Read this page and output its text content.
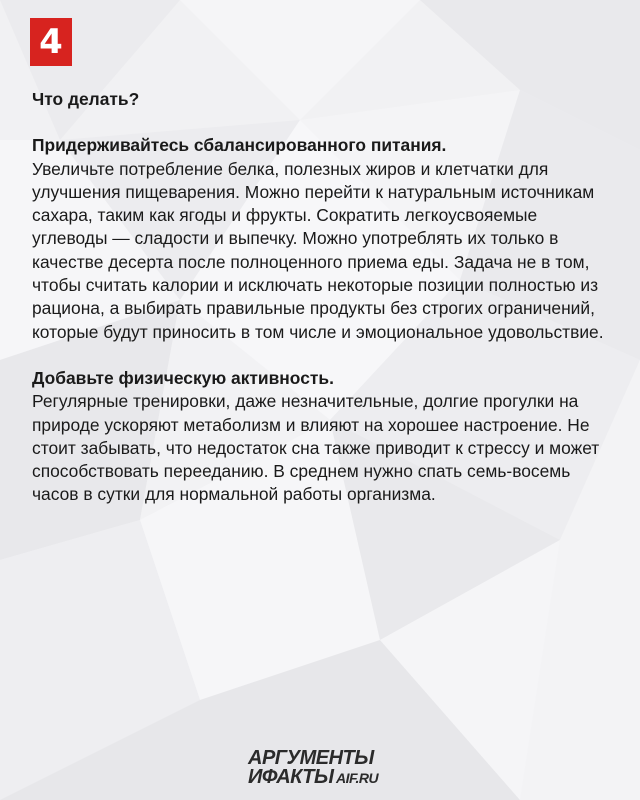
4

Что делать?

Придерживайтесь сбалансированного питания.

Увеличьте потребление белка, полезных жиров и клетчатки для улучшения пищеварения. Можно перейти к натуральным источникам сахара, таким как ягоды и фрукты. Сократить легкоусвояемые углеводы — сладости и выпечку. Можно употреблять их только в качестве десерта после полноценного приема еды. Задача не в том, чтобы считать калории и исключать некоторые позиции полностью из рациона, а выбирать правильные продукты без строгих ограничений, которые будут приносить в том числе и эмоциональное удовольствие.

Добавьте физическую активность.

Регулярные тренировки, даже незначительные, долгие прогулки на природе ускоряют метаболизм и влияют на хорошее настроение. Не стоит забывать, что недостаток сна также приводит к стрессу и может способствовать перееданию. В среднем нужно спать семь-восемь часов в сутки для нормальной работы организма.

АРГУМЕНТЫ
ИФАКТЫ AIF.RU
